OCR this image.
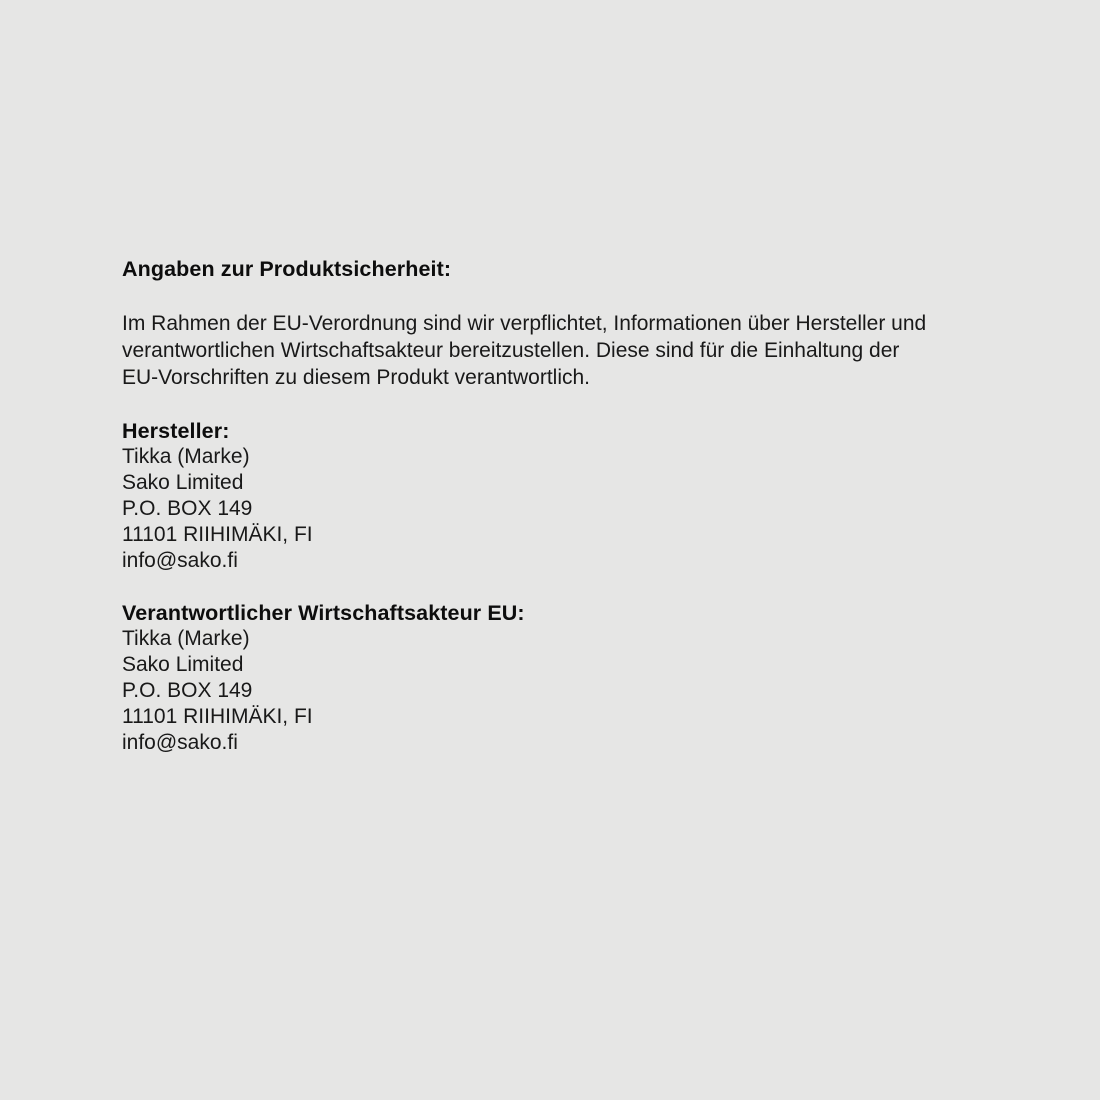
Angaben zur Produktsicherheit:
Im Rahmen der EU-Verordnung sind wir verpflichtet, Informationen über Hersteller und
verantwortlichen Wirtschaftsakteur bereitzustellen. Diese sind für die Einhaltung der
EU-Vorschriften zu diesem Produkt verantwortlich.
Hersteller:
Tikka (Marke)
Sako Limited
P.O. BOX 149
11101 RIIHIMÄKI, FI
info@sako.fi
Verantwortlicher Wirtschaftsakteur EU:
Tikka (Marke)
Sako Limited
P.O. BOX 149
11101 RIIHIMÄKI, FI
info@sako.fi
